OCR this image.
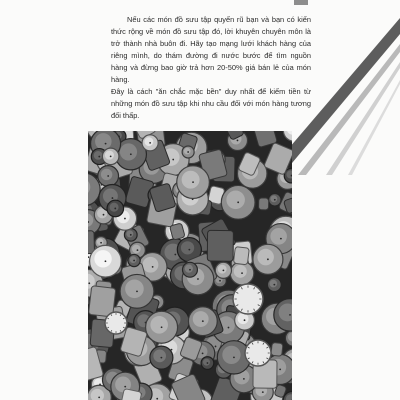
Nếu các món đồ sưu tập quyến rũ bạn và bạn có kiến thức rộng về món đồ sưu tập đó, lời khuyên chuyên môn là trở thành nhà buôn đi. Hãy tạo mạng lưới khách hàng của riêng mình, do thám đường đi nước bước để tìm nguồn hàng và đừng bao giờ trả hơn 20-50% giá bán lẻ của món hàng.

Đây là cách "ăn chắc mặc bền" duy nhất để kiếm tiền từ những món đồ sưu tập khi nhu cầu đối với món hàng tương đối thấp.
